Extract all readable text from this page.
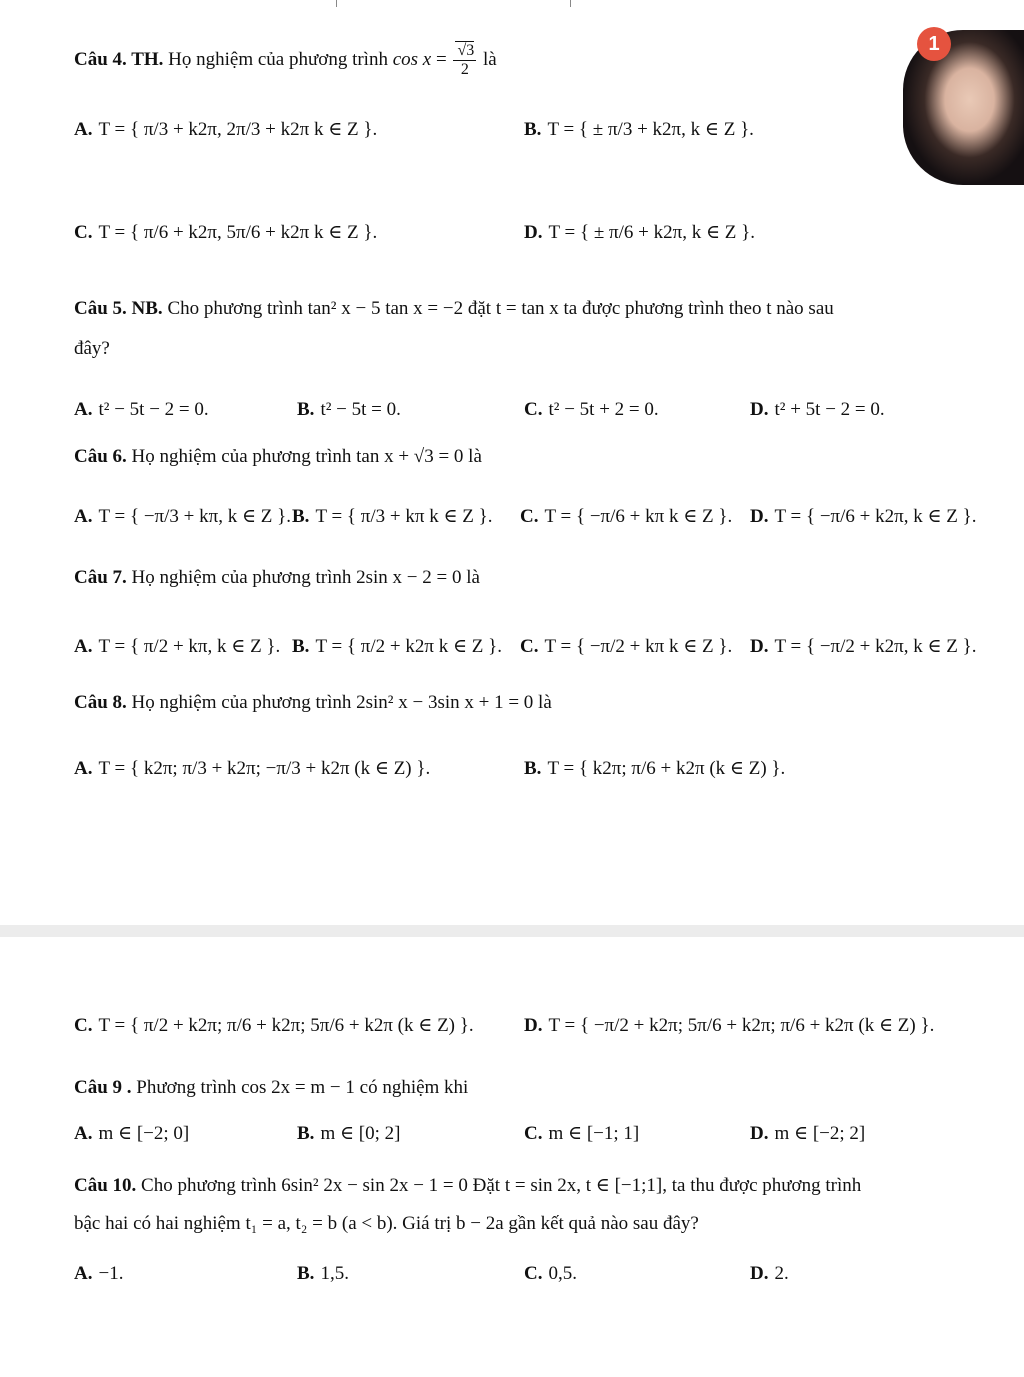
1
Câu 4. TH. Họ nghiệm của phương trình $\cos x = \frac{√3}{2}$ là
A. T = { π/3 + k2π, 2π/3 + k2π k ∈ Z }.	B. T = { ± π/3 + k2π, k ∈ Z }.
C. T = { π/6 + k2π, 5π/6 + k2π k ∈ Z }.	D. T = { ± π/6 + k2π, k ∈ Z }.
Câu 5. NB. Cho phương trình tan² x − 5 tan x = −2 đặt t = tan x ta được phương trình theo t nào sau
đây?
A. t² − 5t − 2 = 0.	B. t² − 5t = 0.	C. t² − 5t + 2 = 0.	D. t² + 5t − 2 = 0.
Câu 6. Họ nghiệm của phương trình tan x + √3 = 0 là
A. T = { −π/3 + kπ, k ∈ Z }. B. T = { π/3 + kπ k ∈ Z }. C. T = { −π/6 + kπ k ∈ Z }. D. T = { −π/6 + k2π, k ∈ Z }.
Câu 7. Họ nghiệm của phương trình 2sin x − 2 = 0 là
A. T = { π/2 + kπ, k ∈ Z }. B. T = { π/2 + k2π k ∈ Z }. C. T = { −π/2 + kπ k ∈ Z }. D. T = { −π/2 + k2π, k ∈ Z }.
Câu 8. Họ nghiệm của phương trình 2sin² x − 3sin x + 1 = 0 là
A. T = { k2π; π/3 + k2π; −π/3 + k2π (k ∈ Z) }.	B. T = { k2π; π/6 + k2π (k ∈ Z) }.
C. T = { π/2 + k2π; π/6 + k2π; 5π/6 + k2π (k ∈ Z) }.	D. T = { −π/2 + k2π; 5π/6 + k2π; π/6 + k2π (k ∈ Z) }.
Câu 9 . Phương trình cos 2x = m − 1 có nghiệm khi
A. m ∈ [−2; 0]	B. m ∈ [0; 2]	C. m ∈ [−1; 1]	D. m ∈ [−2; 2]
Câu 10. Cho phương trình 6sin² 2x − sin 2x − 1 = 0 Đặt t = sin 2x, t ∈ [−1;1], ta thu được phương trình
bậc hai có hai nghiệm t₁ = a, t₂ = b (a < b). Giá trị b − 2a gần kết quả nào sau đây?
A. −1.	B. 1,5.	C. 0,5.	D. 2.
